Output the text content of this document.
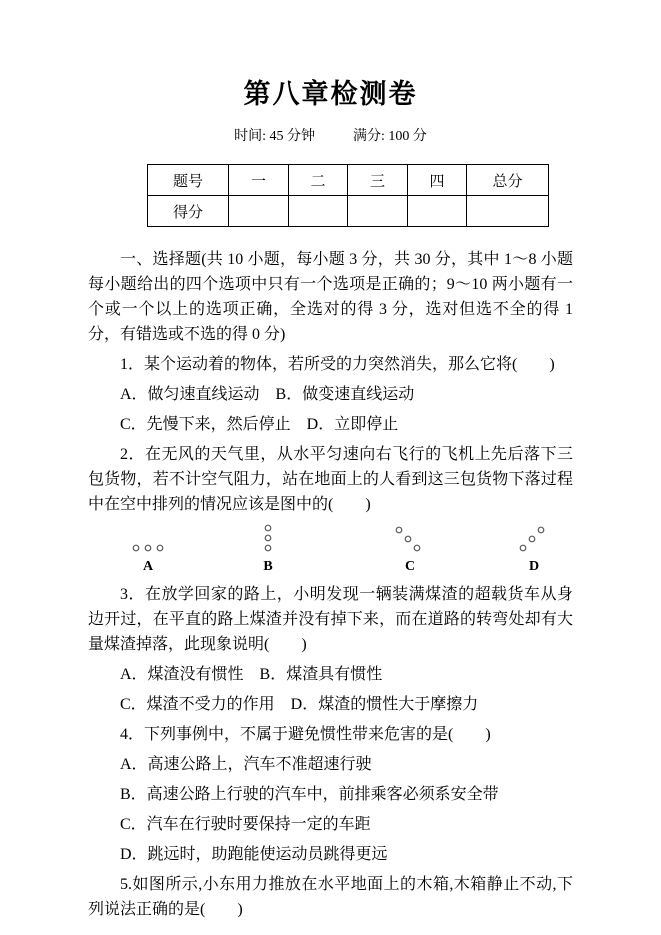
第八章检测卷
时间: 45 分钟	满分: 100 分
题号	一	二	三	四	总分
得分					

一、选择题(共 10 小题，每小题 3 分，共 30 分，其中 1～8 小题每小题给出的四个选项中只有一个选项是正确的；9～10 两小题有一个或一个以上的选项正确，全选对的得 3 分，选对但选不全的得 1 分，有错选或不选的得 0 分)

1．某个运动着的物体，若所受的力突然消失，那么它将(　　)

A．做匀速直线运动　B．做变速直线运动

C．先慢下来，然后停止　D．立即停止

2．在无风的天气里，从水平匀速向右飞行的飞机上先后落下三包货物，若不计空气阻力，站在地面上的人看到这三包货物下落过程中在空中排列的情况应该是图中的(　　)

A	B	C	D

3．在放学回家的路上，小明发现一辆装满煤渣的超载货车从身边开过，在平直的路上煤渣并没有掉下来，而在道路的转弯处却有大量煤渣掉落，此现象说明(　　)

A．煤渣没有惯性　B．煤渣具有惯性

C．煤渣不受力的作用　D．煤渣的惯性大于摩擦力

4．下列事例中，不属于避免惯性带来危害的是(　　)

A．高速公路上，汽车不准超速行驶

B．高速公路上行驶的汽车中，前排乘客必须系安全带

C．汽车在行驶时要保持一定的车距

D．跳远时，助跑能使运动员跳得更远

5.如图所示,小东用力推放在水平地面上的木箱,木箱静止不动,下列说法正确的是(　　)
